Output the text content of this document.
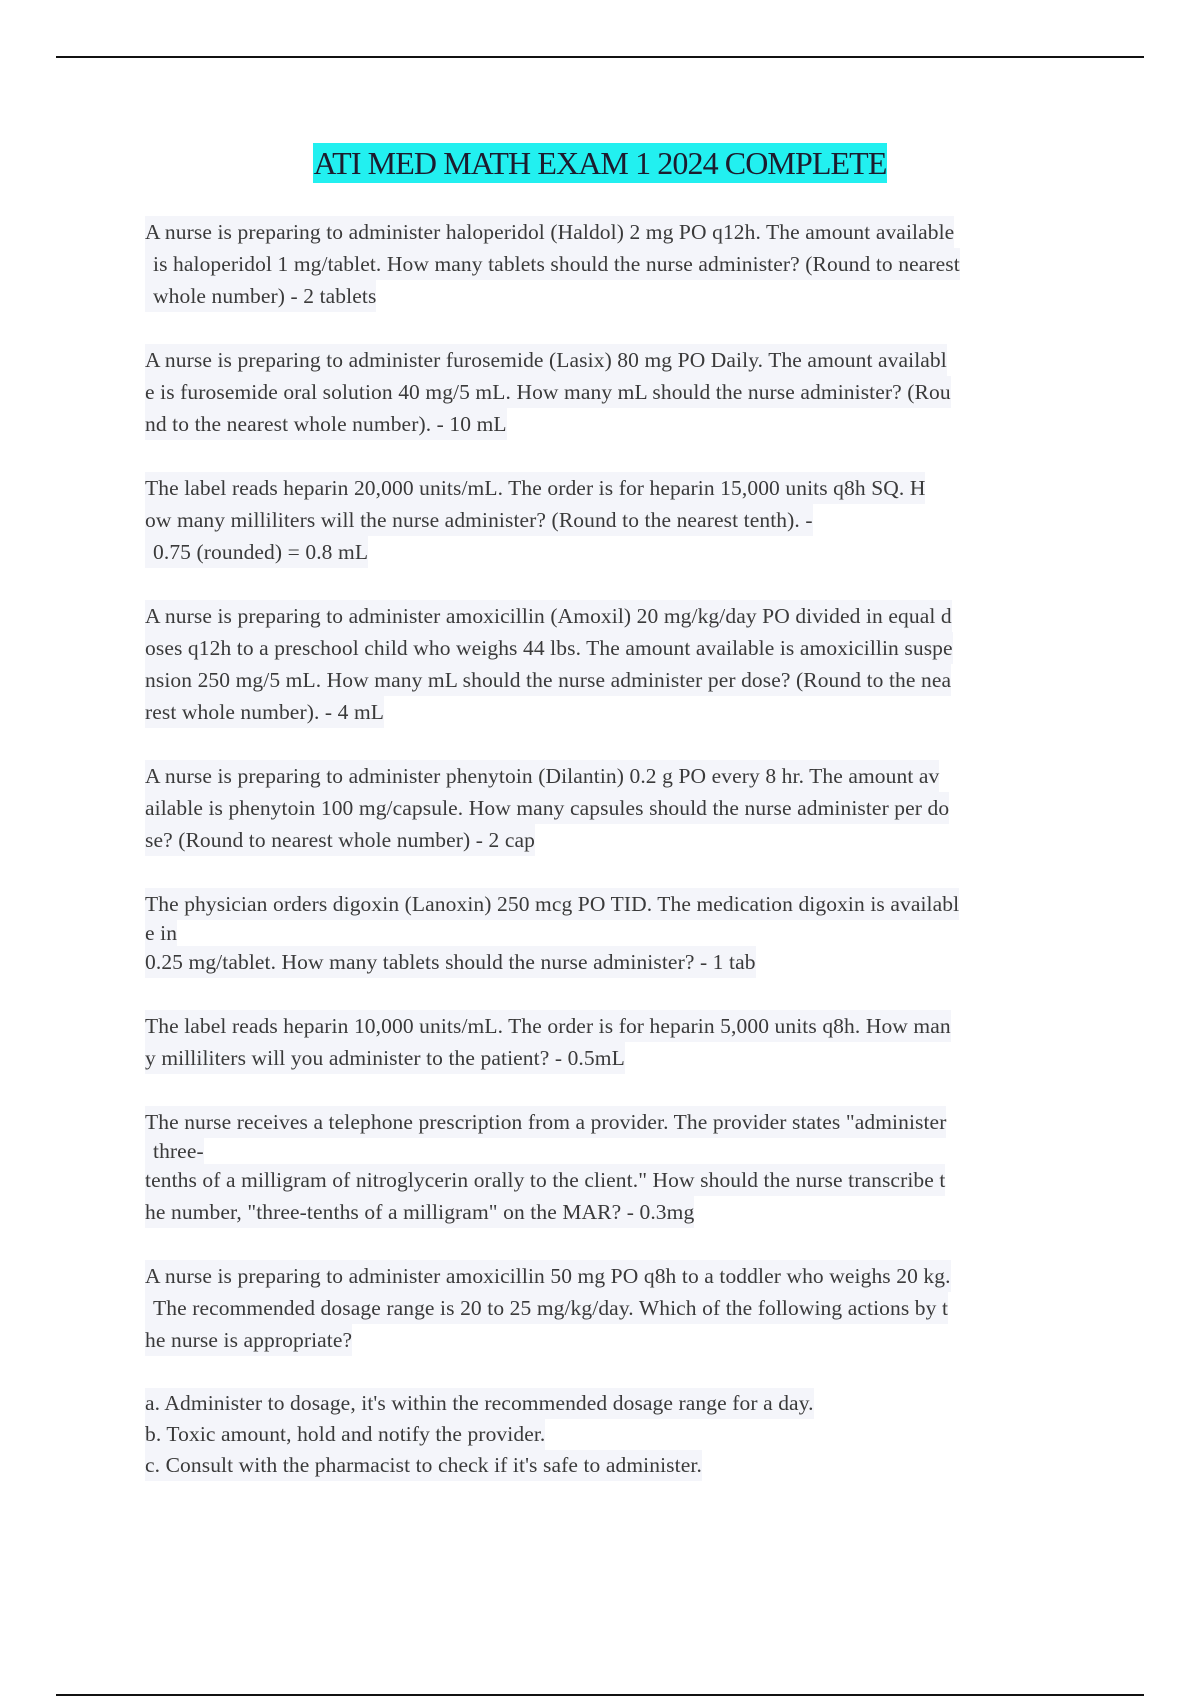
ATI MED MATH EXAM 1 2024 COMPLETE
A nurse is preparing to administer haloperidol (Haldol) 2 mg PO q12h. The amount available
is haloperidol 1 mg/tablet. How many tablets should the nurse administer? (Round to nearest
whole number) - 2 tablets
A nurse is preparing to administer furosemide (Lasix) 80 mg PO Daily. The amount availabl
e is furosemide oral solution 40 mg/5 mL. How many mL should the nurse administer? (Rou
nd to the nearest whole number). - 10 mL
The label reads heparin 20,000 units/mL. The order is for heparin 15,000 units q8h SQ. H
ow many milliliters will the nurse administer? (Round to the nearest tenth). -
0.75 (rounded) = 0.8 mL
A nurse is preparing to administer amoxicillin (Amoxil) 20 mg/kg/day PO divided in equal d
oses q12h to a preschool child who weighs 44 lbs. The amount available is amoxicillin suspe
nsion 250 mg/5 mL. How many mL should the nurse administer per dose? (Round to the nea
rest whole number). - 4 mL
A nurse is preparing to administer phenytoin (Dilantin) 0.2 g PO every 8 hr. The amount av
ailable is phenytoin 100 mg/capsule. How many capsules should the nurse administer per do
se? (Round to nearest whole number) - 2 cap
The physician orders digoxin (Lanoxin) 250 mcg PO TID. The medication digoxin is availabl
e in
0.25 mg/tablet. How many tablets should the nurse administer? - 1 tab
The label reads heparin 10,000 units/mL. The order is for heparin 5,000 units q8h. How man
y milliliters will you administer to the patient? - 0.5mL
The nurse receives a telephone prescription from a provider. The provider states "administer
three-
tenths of a milligram of nitroglycerin orally to the client." How should the nurse transcribe t
he number, "three-tenths of a milligram" on the MAR? - 0.3mg
A nurse is preparing to administer amoxicillin 50 mg PO q8h to a toddler who weighs 20 kg.
The recommended dosage range is 20 to 25 mg/kg/day. Which of the following actions by t
he nurse is appropriate?
a. Administer to dosage, it's within the recommended dosage range for a day.
b. Toxic amount, hold and notify the provider.
c. Consult with the pharmacist to check if it's safe to administer.
